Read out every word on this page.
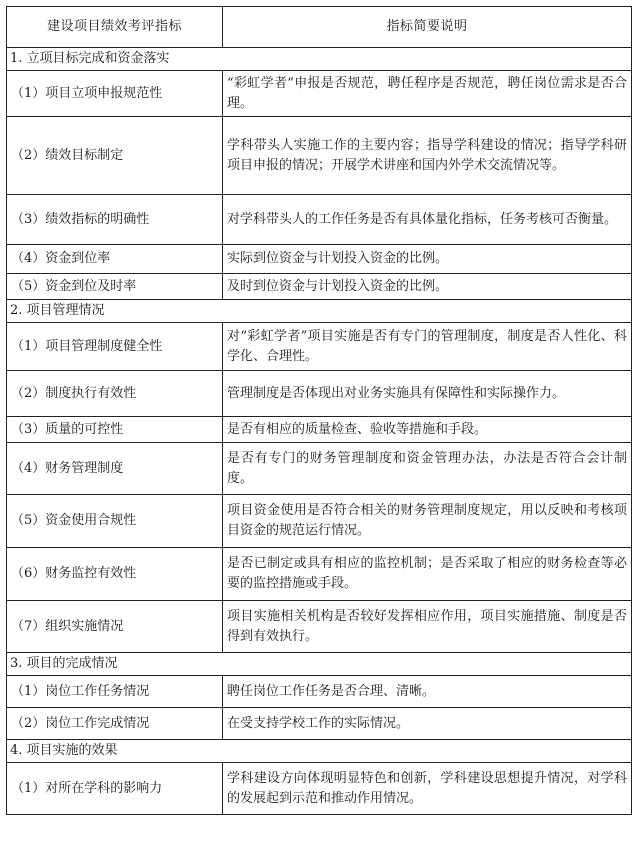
建设项目绩效考评指标	指标简要说明
1. 立项目标完成和资金落实	
（1）项目立项申报规范性	“彩虹学者”申报是否规范，聘任程序是否规范，聘任岗位需求是否合理。
（2）绩效目标制定	学科带头人实施工作的主要内容；指导学科建设的情况；指导学科研项目申报的情况；开展学术讲座和国内外学术交流情况等。
（3）绩效指标的明确性	对学科带头人的工作任务是否有具体量化指标，任务考核可否衡量。
（4）资金到位率	实际到位资金与计划投入资金的比例。
（5）资金到位及时率	及时到位资金与计划投入资金的比例。
2. 项目管理情况	
（1）项目管理制度健全性	对“彩虹学者”项目实施是否有专门的管理制度，制度是否人性化、科学化、合理性。
（2）制度执行有效性	管理制度是否体现出对业务实施具有保障性和实际操作力。
（3）质量的可控性	是否有相应的质量检查、验收等措施和手段。
（4）财务管理制度	是否有专门的财务管理制度和资金管理办法，办法是否符合会计制度。
（5）资金使用合规性	项目资金使用是否符合相关的财务管理制度规定，用以反映和考核项目资金的规范运行情况。
（6）财务监控有效性	是否已制定或具有相应的监控机制；是否采取了相应的财务检查等必要的监控措施或手段。
（7）组织实施情况	项目实施相关机构是否较好发挥相应作用，项目实施措施、制度是否得到有效执行。
3. 项目的完成情况	
（1）岗位工作任务情况	聘任岗位工作任务是否合理、清晰。
（2）岗位工作完成情况	在受支持学校工作的实际情况。
4. 项目实施的效果	
（1）对所在学科的影响力	学科建设方向体现明显特色和创新，学科建设思想提升情况，对学科的发展起到示范和推动作用情况。
